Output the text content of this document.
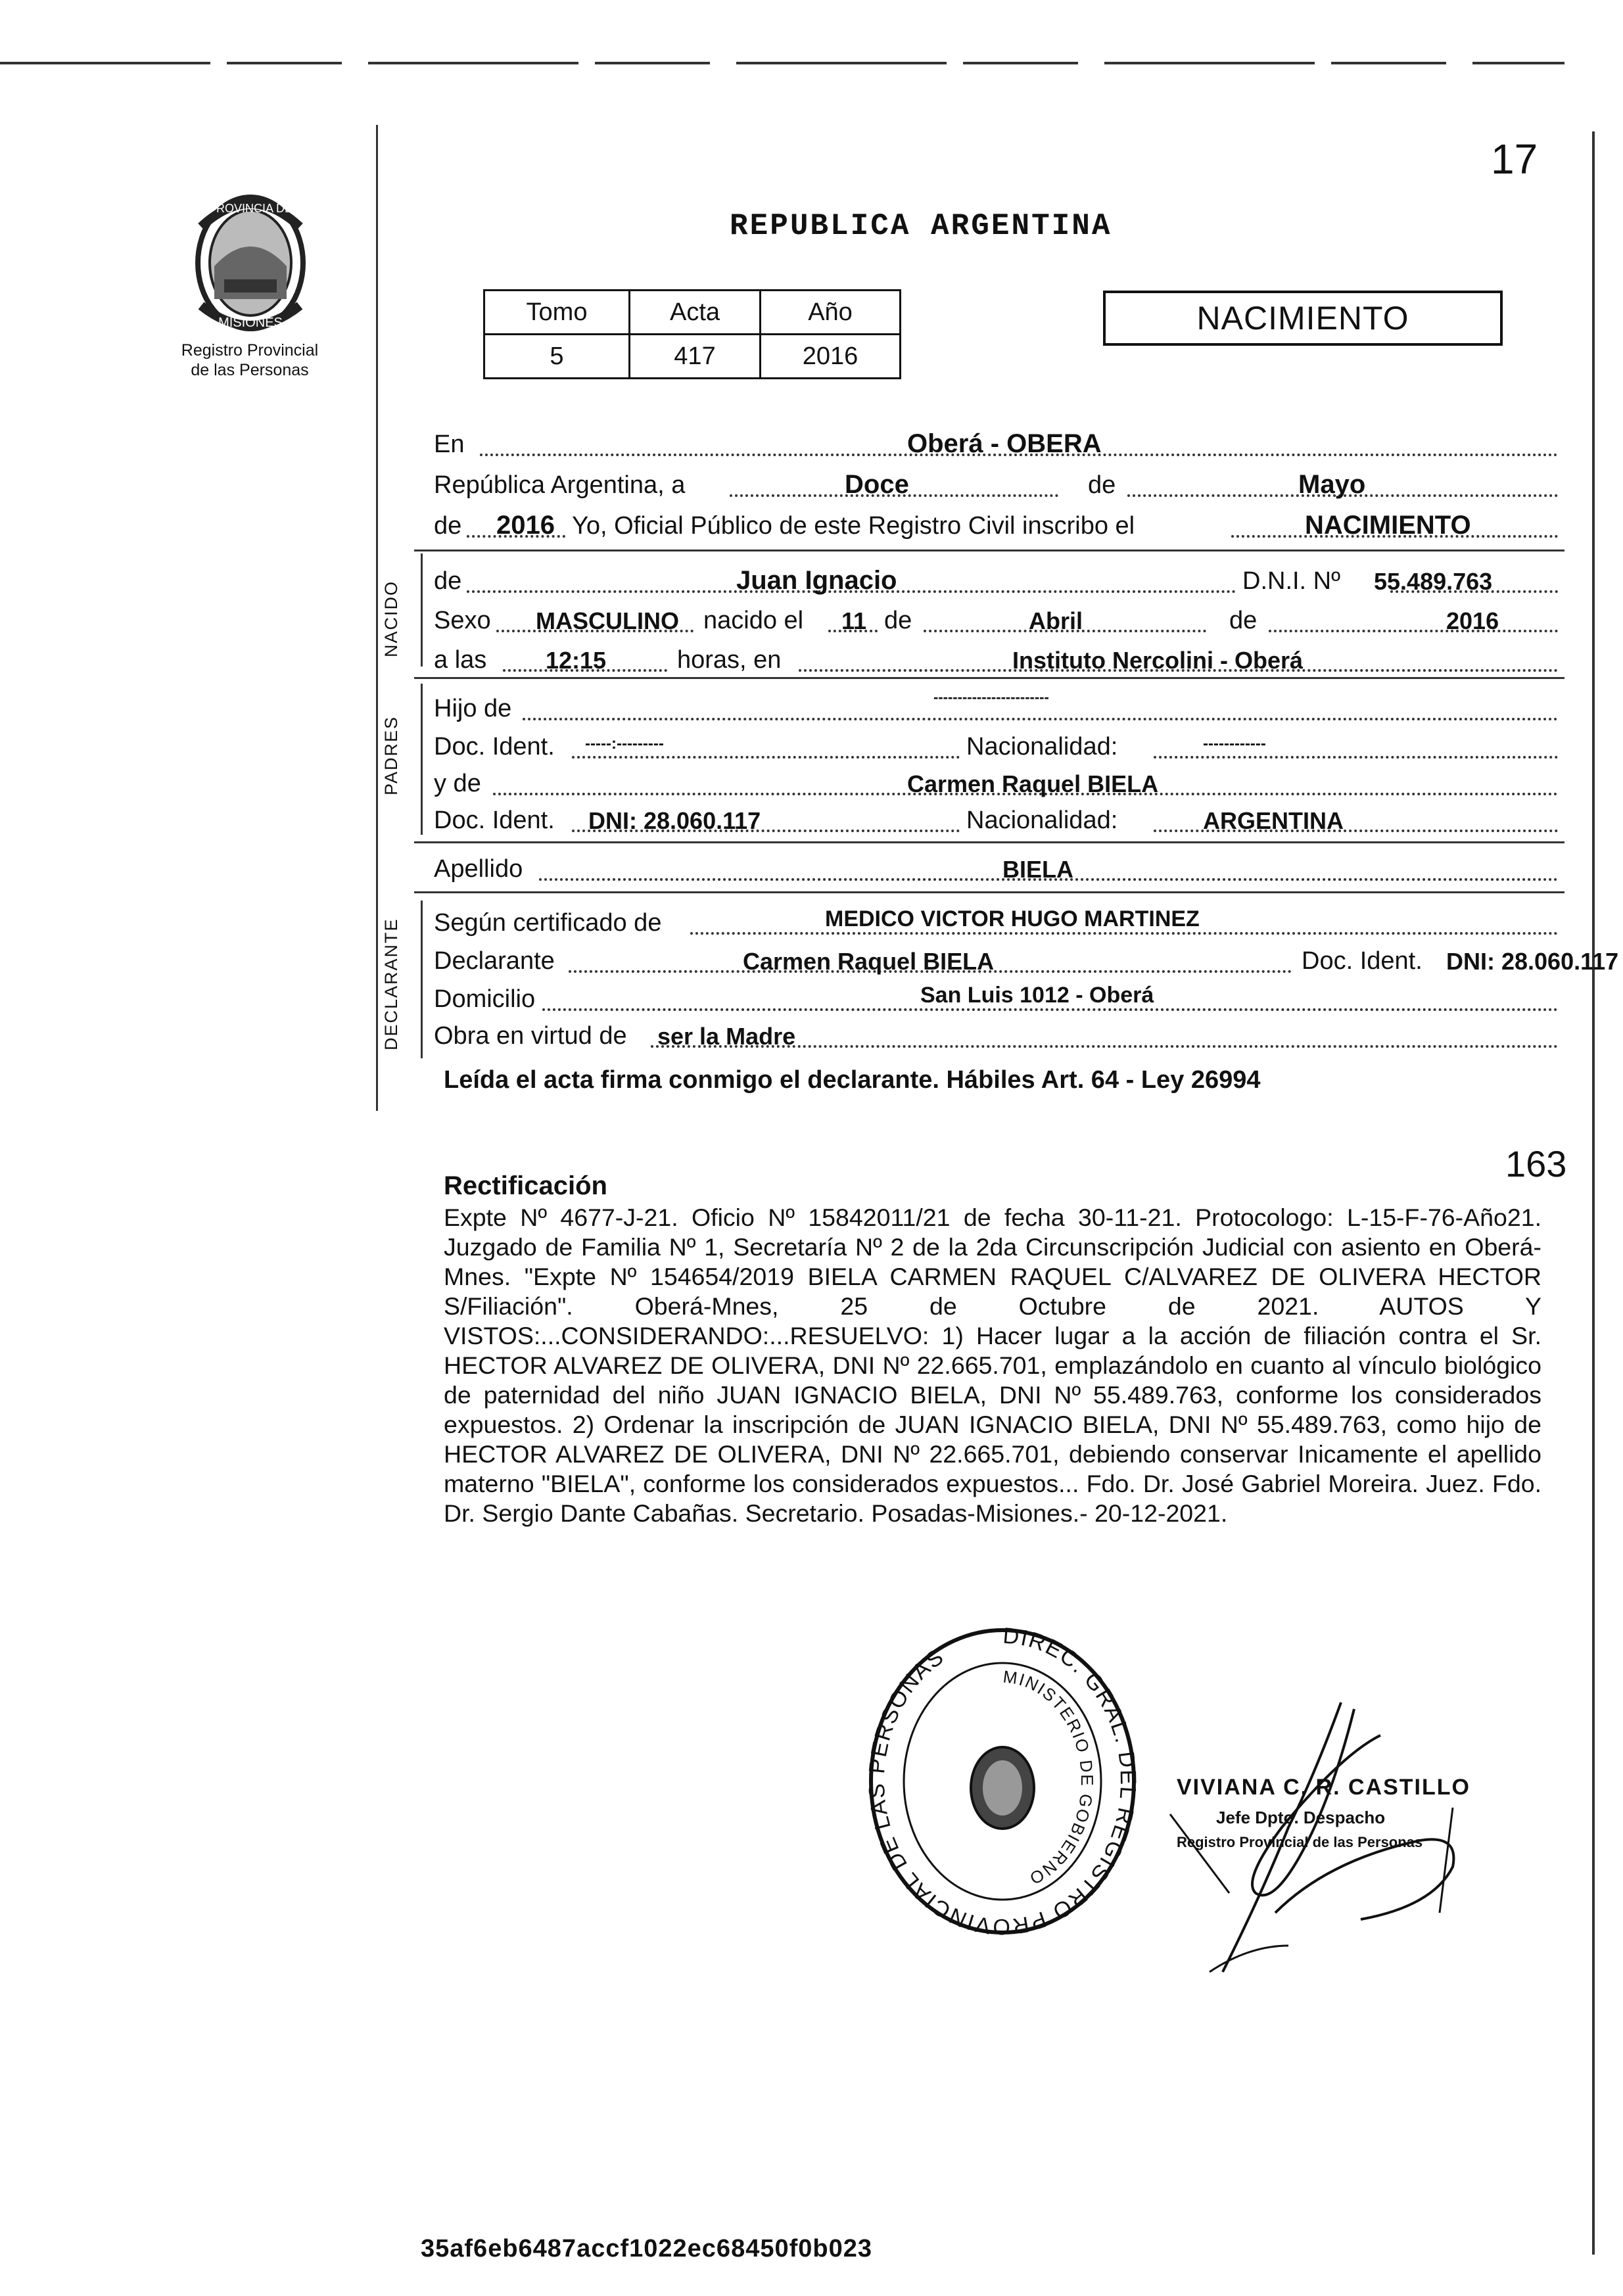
17
PROVINCIA DE
MISIONES
Registro Provincial
de las Personas
REPUBLICA ARGENTINA
Tomo	Acta	Año
5	417	2016
NACIMIENTO
En	Oberá - OBERA
República Argentina, a	Doce	de	Mayo
de 2016 Yo, Oficial Público de este Registro Civil inscribo el	NACIMIENTO
NACIDO de	Juan Ignacio	D.N.I. Nº 55.489.763
Sexo MASCULINO nacido el 11 de	Abril	de	2016
a las 12:15	horas, en	Instituto Nercolini - Oberá
PADRES
Hijo de	------------------------
Doc. Ident. -----:---------	Nacionalidad:	------------
y de	Carmen Raquel BIELA
Doc. Ident. DNI: 28.060.117	Nacionalidad:	ARGENTINA
Apellido	BIELA
DECLARANTE Según certificado de	MEDICO VICTOR HUGO MARTINEZ
Declarante	Carmen Raquel BIELA	Doc. Ident. DNI: 28.060.117
Domicilio	San Luis 1012 - Oberá
Obra en virtud de ser la Madre
Leída el acta firma conmigo el declarante. Hábiles Art. 64 - Ley 26994
163
Rectificación
Expte Nº 4677-J-21. Oficio Nº 15842011/21 de fecha 30-11-21. Protocologo: L-15-F-76-Año21. Juzgado de Familia Nº 1, Secretaría Nº 2 de la 2da Circunscripción Judicial con asiento en Oberá-Mnes. "Expte Nº 154654/2019 BIELA CARMEN RAQUEL C/ALVAREZ DE OLIVERA HECTOR S/Filiación". Oberá-Mnes, 25 de Octubre de 2021. AUTOS Y VISTOS:...CONSIDERANDO:...RESUELVO: 1) Hacer lugar a la acción de filiación contra el Sr. HECTOR ALVAREZ DE OLIVERA, DNI Nº 22.665.701, emplazándolo en cuanto al vínculo biológico de paternidad del niño JUAN IGNACIO BIELA, DNI Nº 55.489.763, conforme los considerados expuestos. 2) Ordenar la inscripción de JUAN IGNACIO BIELA, DNI Nº 55.489.763, como hijo de HECTOR ALVAREZ DE OLIVERA, DNI Nº 22.665.701, debiendo conservar Inicamente el apellido materno "BIELA", conforme los considerados expuestos... Fdo. Dr. José Gabriel Moreira. Juez. Fdo. Dr. Sergio Dante Cabañas. Secretario. Posadas-Misiones.- 20-12-2021.
DIREC. GRAL. DEL REGISTRO PROVINCIAL DE LAS PERSONAS
MINISTERIO DE GOBIERNO
VIVIANA C. R. CASTILLO
Jefe Dpto. Despacho
Registro Provincial de las Personas
35af6eb6487accf1022ec68450f0b023
